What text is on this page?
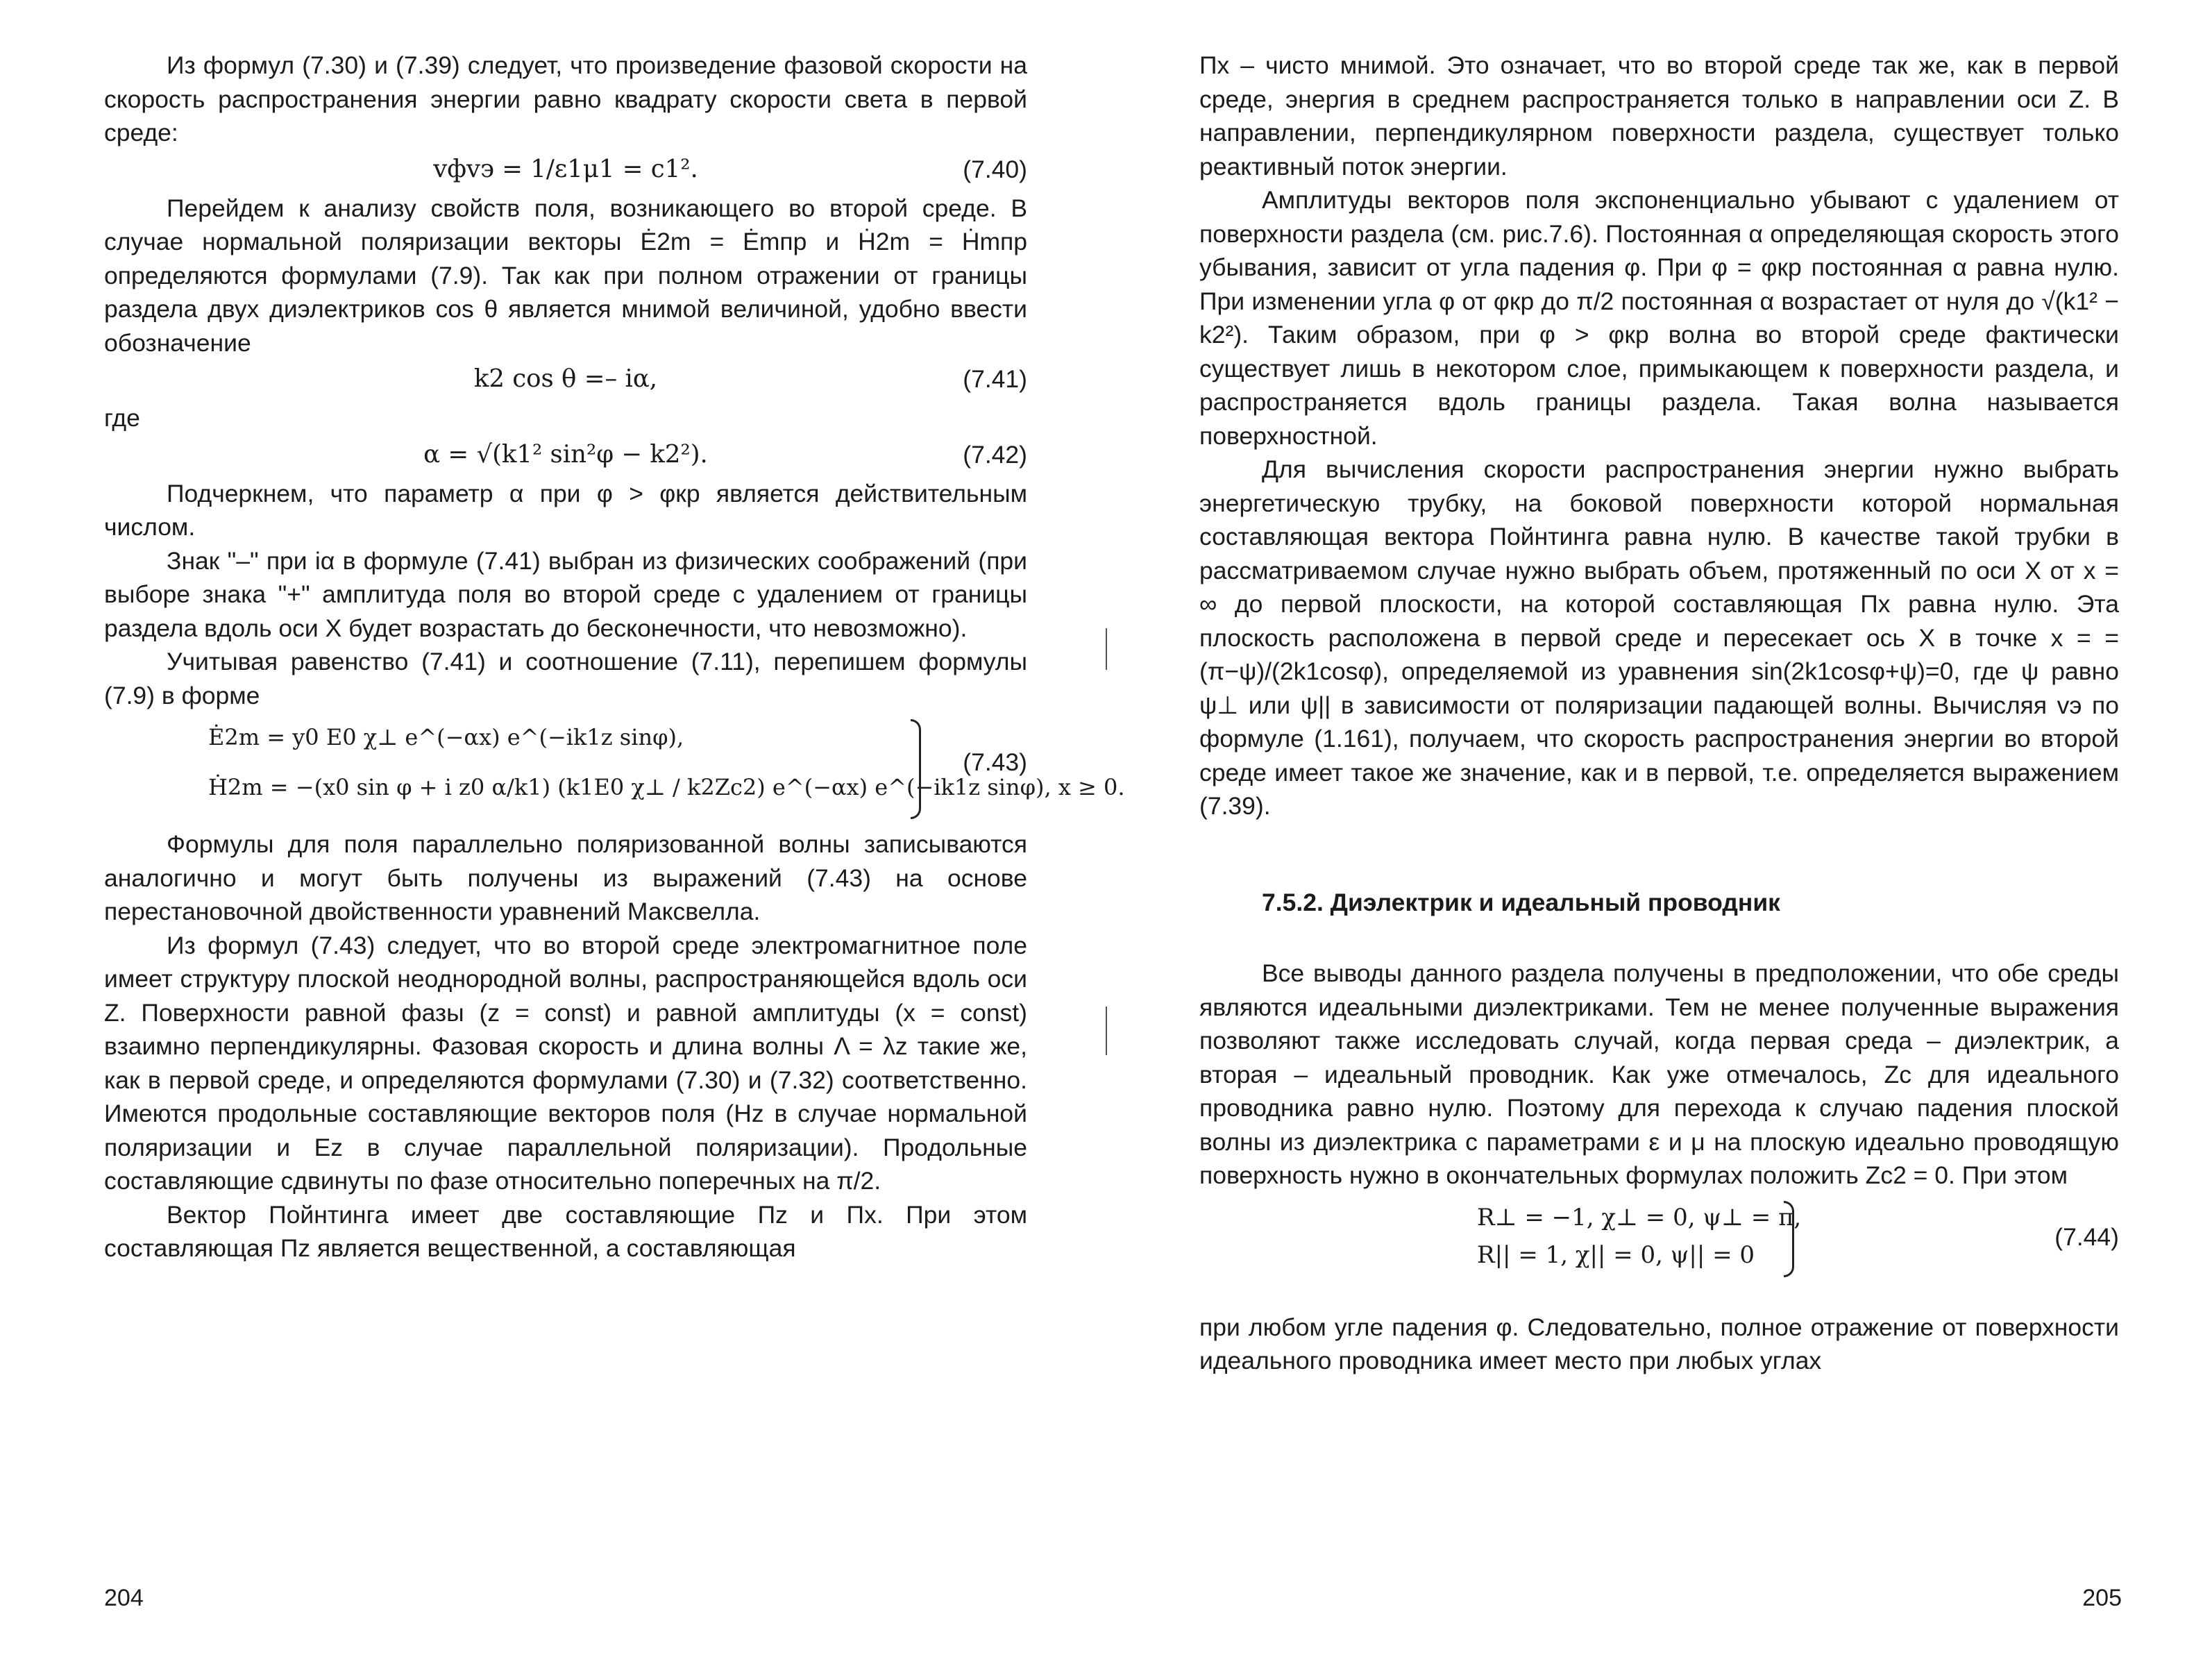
Из формул (7.30) и (7.39) следует, что произведение фазовой скорости на скорость распространения энергии равно квадрату скорости света в первой среде:

vфvэ = 1/ε1μ1 = c1².	(7.40)

Перейдем к анализу свойств поля, возникающего во второй среде. В случае нормальной поляризации векторы Ė2m = Ėmпр и Ḣ2m = Ḣmпр определяются формулами (7.9). Так как при полном отражении от границы раздела двух диэлектриков cos θ является мнимой величиной, удобно ввести обозначение

k2 cos θ =– iα,	(7.41)

где

α = √(k1² sin²φ − k2²).	(7.42)

Подчеркнем, что параметр α при φ > φкр является действительным числом.

Знак "–" при iα в формуле (7.41) выбран из физических соображений (при выборе знака "+" амплитуда поля во второй среде с удалением от границы раздела вдоль оси X будет возрастать до бесконечности, что невозможно).

Учитывая равенство (7.41) и соотношение (7.11), перепишем формулы (7.9) в форме

Ė2m = y0 E0 χ⊥ e^(−αx) e^(−ik1z sinφ),
Ḣ2m = −(x0 sin φ + i z0 α/k1) (k1E0 χ⊥ / k2Zc2) e^(−αx) e^(−ik1z sinφ), x ≥ 0.
(7.43)

Формулы для поля параллельно поляризованной волны записываются аналогично и могут быть получены из выражений (7.43) на основе перестановочной двойственности уравнений Максвелла.

Из формул (7.43) следует, что во второй среде электромагнитное поле имеет структуру плоской неоднородной волны, распространяющейся вдоль оси Z. Поверхности равной фазы (z = const) и равной амплитуды (x = const) взаимно перпендикулярны. Фазовая скорость и длина волны Λ = λz такие же, как в первой среде, и определяются формулами (7.30) и (7.32) соответственно. Имеются продольные составляющие векторов поля (Hz в случае нормальной поляризации и Ez в случае параллельной поляризации). Продольные составляющие сдвинуты по фазе относительно поперечных на π/2.

Вектор Пойнтинга имеет две составляющие Пz и Пx. При этом составляющая Пz является вещественной, а составляющая

204

Пx – чисто мнимой. Это означает, что во второй среде так же, как в первой среде, энергия в среднем распространяется только в направлении оси Z. В направлении, перпендикулярном поверхности раздела, существует только реактивный поток энергии.

Амплитуды векторов поля экспоненциально убывают с удалением от поверхности раздела (см. рис.7.6). Постоянная α определяющая скорость этого убывания, зависит от угла падения φ. При φ = φкр постоянная α равна нулю. При изменении угла φ от φкр до π/2 постоянная α возрастает от нуля до √(k1² − k2²). Таким образом, при φ > φкр волна во второй среде фактически существует лишь в некотором слое, примыкающем к поверхности раздела, и распространяется вдоль границы раздела. Такая волна называется поверхностной.

Для вычисления скорости распространения энергии нужно выбрать энергетическую трубку, на боковой поверхности которой нормальная составляющая вектора Пойнтинга равна нулю. В качестве такой трубки в рассматриваемом случае нужно выбрать объем, протяженный по оси X от x = ∞ до первой плоскости, на которой составляющая Пx равна нулю. Эта плоскость расположена в первой среде и пересекает ось X в точке x = = (π−ψ)/(2k1cosφ), определяемой из уравнения sin(2k1cosφ+ψ)=0, где ψ равно ψ⊥ или ψ|| в зависимости от поляризации падающей волны. Вычисляя vэ по формуле (1.161), получаем, что скорость распространения энергии во второй среде имеет такое же значение, как и в первой, т.е. определяется выражением (7.39).

7.5.2. Диэлектрик и идеальный проводник

Все выводы данного раздела получены в предположении, что обе среды являются идеальными диэлектриками. Тем не менее полученные выражения позволяют также исследовать случай, когда первая среда – диэлектрик, а вторая – идеальный проводник. Как уже отмечалось, Zc для идеального проводника равно нулю. Поэтому для перехода к случаю падения плоской волны из диэлектрика с параметрами ε и μ на плоскую идеально проводящую поверхность нужно в окончательных формулах положить Zc2 = 0. При этом

R⊥ = −1, χ⊥ = 0, ψ⊥ = π,
R|| = 1, χ|| = 0, ψ|| = 0
(7.44)

при любом угле падения φ. Следовательно, полное отражение от поверхности идеального проводника имеет место при любых углах

205
